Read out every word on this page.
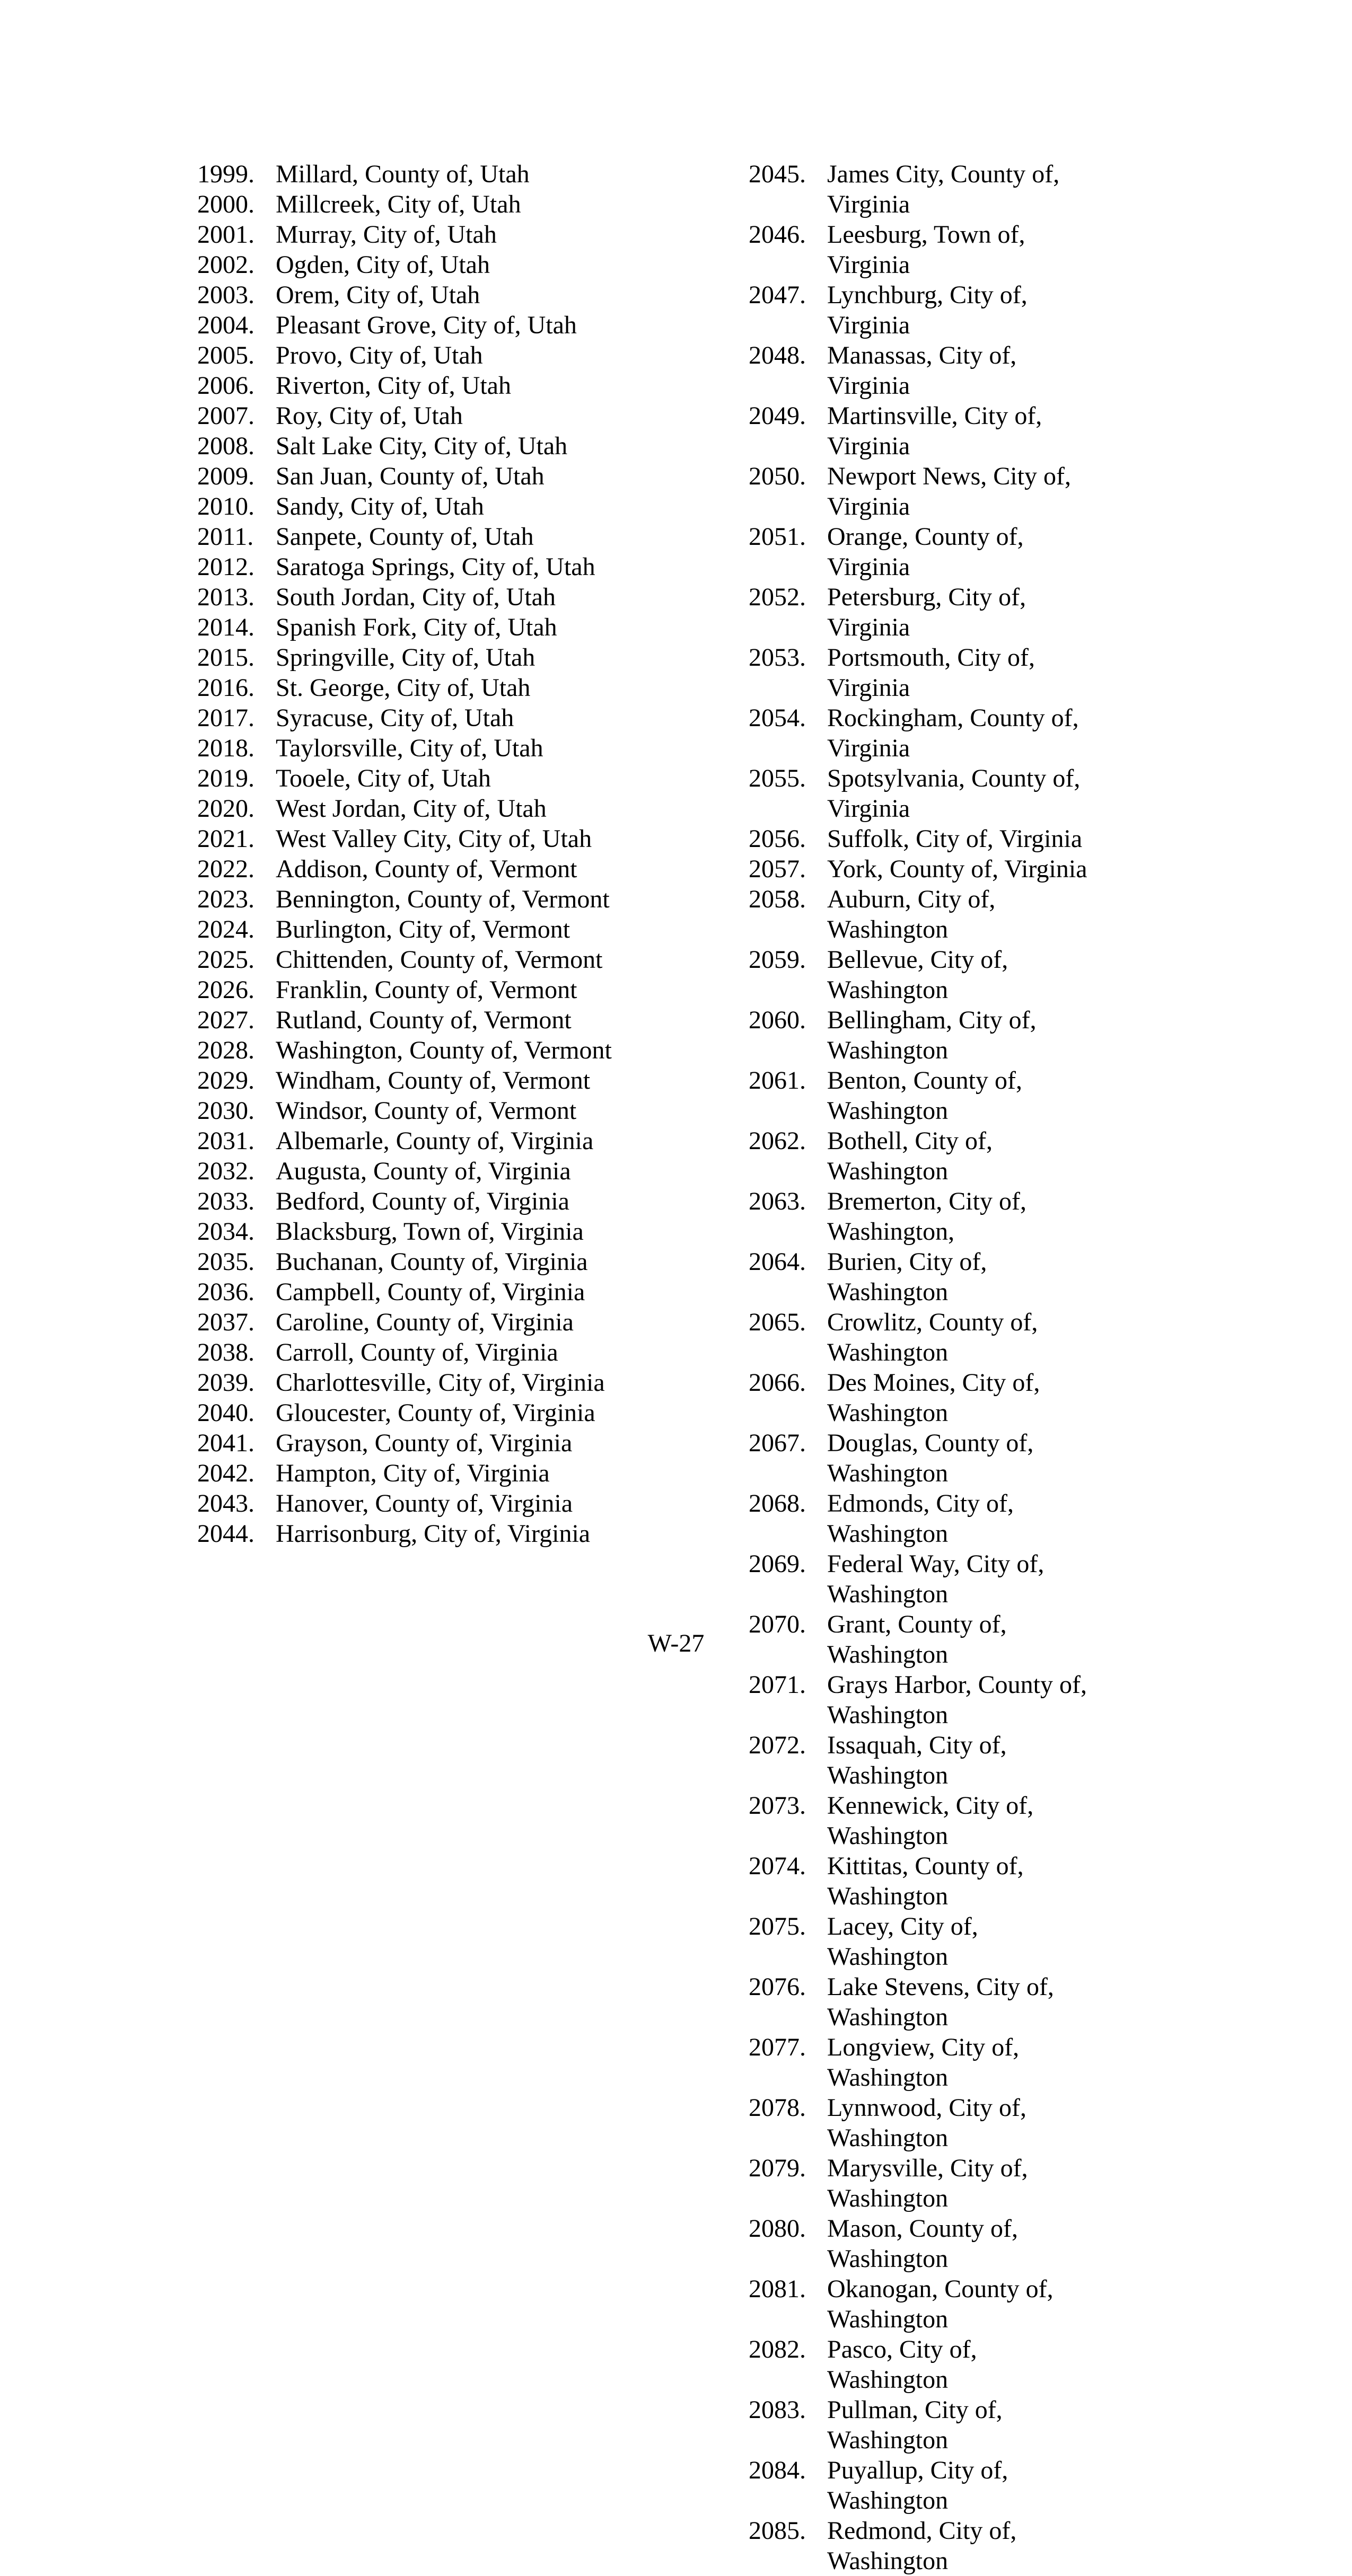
1999. Millard, County of, Utah
2000. Millcreek, City of, Utah
2001. Murray, City of, Utah
2002. Ogden, City of, Utah
2003. Orem, City of, Utah
2004. Pleasant Grove, City of, Utah
2005. Provo, City of, Utah
2006. Riverton, City of, Utah
2007. Roy, City of, Utah
2008. Salt Lake City, City of, Utah
2009. San Juan, County of, Utah
2010. Sandy, City of, Utah
2011. Sanpete, County of, Utah
2012. Saratoga Springs, City of, Utah
2013. South Jordan, City of, Utah
2014. Spanish Fork, City of, Utah
2015. Springville, City of, Utah
2016. St. George, City of, Utah
2017. Syracuse, City of, Utah
2018. Taylorsville, City of, Utah
2019. Tooele, City of, Utah
2020. West Jordan, City of, Utah
2021. West Valley City, City of, Utah
2022. Addison, County of, Vermont
2023. Bennington, County of, Vermont
2024. Burlington, City of, Vermont
2025. Chittenden, County of, Vermont
2026. Franklin, County of, Vermont
2027. Rutland, County of, Vermont
2028. Washington, County of, Vermont
2029. Windham, County of, Vermont
2030. Windsor, County of, Vermont
2031. Albemarle, County of, Virginia
2032. Augusta, County of, Virginia
2033. Bedford, County of, Virginia
2034. Blacksburg, Town of, Virginia
2035. Buchanan, County of, Virginia
2036. Campbell, County of, Virginia
2037. Caroline, County of, Virginia
2038. Carroll, County of, Virginia
2039. Charlottesville, City of, Virginia
2040. Gloucester, County of, Virginia
2041. Grayson, County of, Virginia
2042. Hampton, City of, Virginia
2043. Hanover, County of, Virginia
2044. Harrisonburg, City of, Virginia
2045. James City, County of, Virginia
2046. Leesburg, Town of, Virginia
2047. Lynchburg, City of, Virginia
2048. Manassas, City of, Virginia
2049. Martinsville, City of, Virginia
2050. Newport News, City of, Virginia
2051. Orange, County of, Virginia
2052. Petersburg, City of, Virginia
2053. Portsmouth, City of, Virginia
2054. Rockingham, County of, Virginia
2055. Spotsylvania, County of, Virginia
2056. Suffolk, City of, Virginia
2057. York, County of, Virginia
2058. Auburn, City of, Washington
2059. Bellevue, City of, Washington
2060. Bellingham, City of, Washington
2061. Benton, County of, Washington
2062. Bothell, City of, Washington
2063. Bremerton, City of, Washington,
2064. Burien, City of, Washington
2065. Crowlitz, County of, Washington
2066. Des Moines, City of, Washington
2067. Douglas, County of, Washington
2068. Edmonds, City of, Washington
2069. Federal Way, City of, Washington
2070. Grant, County of, Washington
2071. Grays Harbor, County of, Washington
2072. Issaquah, City of, Washington
2073. Kennewick, City of, Washington
2074. Kittitas, County of, Washington
2075. Lacey, City of, Washington
2076. Lake Stevens, City of, Washington
2077. Longview, City of, Washington
2078. Lynnwood, City of, Washington
2079. Marysville, City of, Washington
2080. Mason, County of, Washington
2081. Okanogan, County of, Washington
2082. Pasco, City of, Washington
2083. Pullman, City of, Washington
2084. Puyallup, City of, Washington
2085. Redmond, City of, Washington
W-27
